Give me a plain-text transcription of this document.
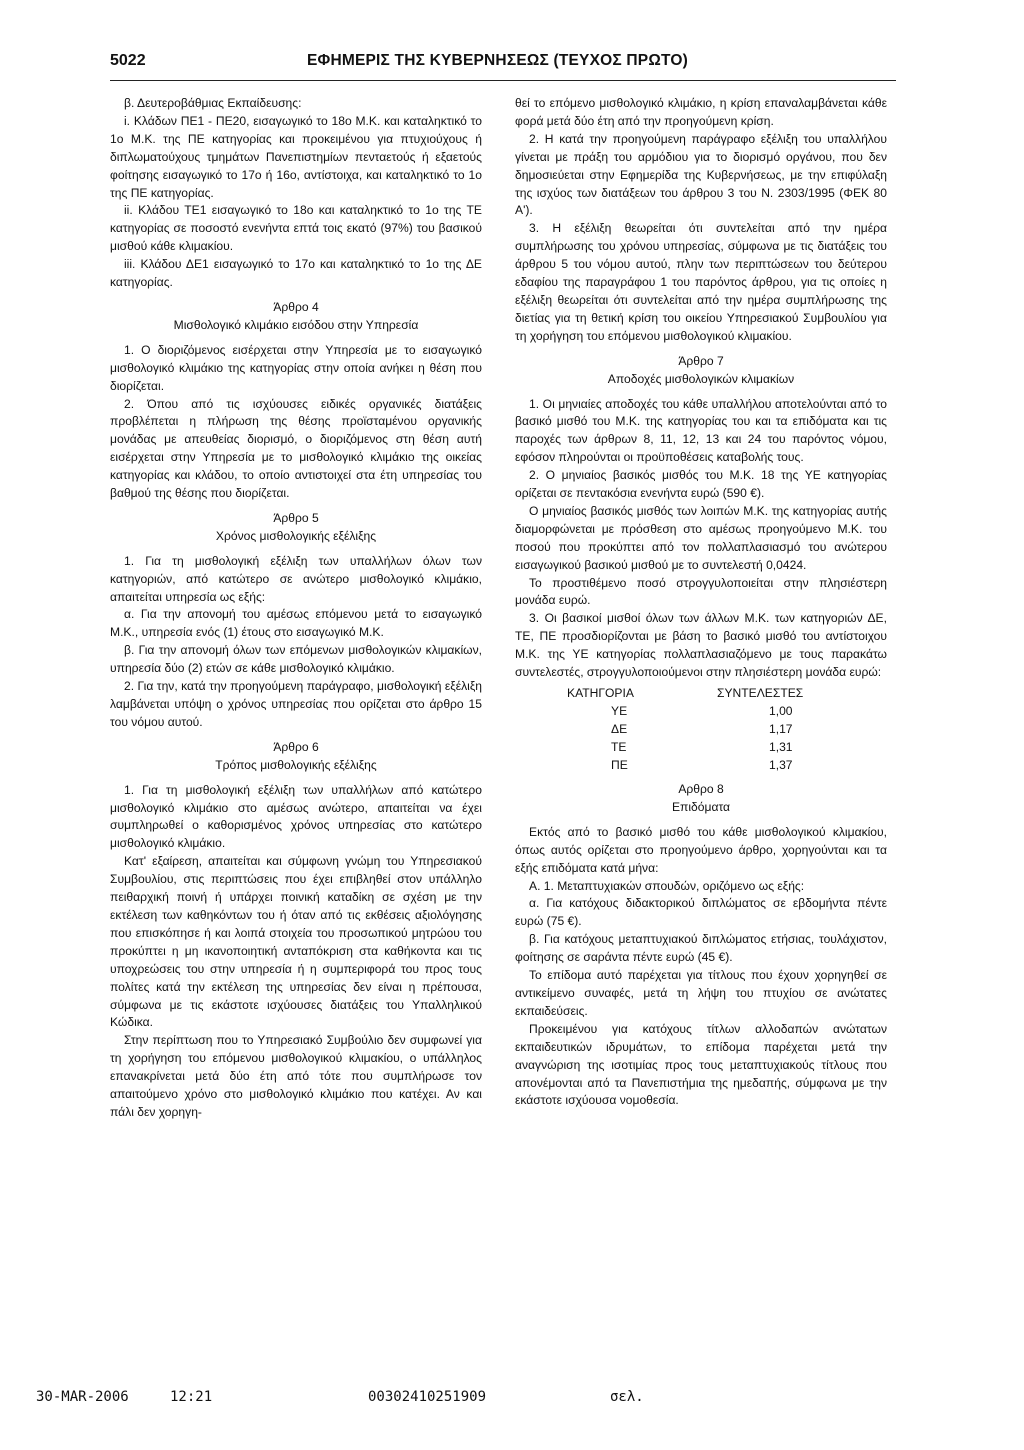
5022	ΕΦΗΜΕΡΙΣ ΤΗΣ ΚΥΒΕΡΝΗΣΕΩΣ (ΤΕΥΧΟΣ ΠΡΩΤΟ)

β. Δευτεροβάθμιας Εκπαίδευσης:

i. Κλάδων ΠΕ1 - ΠΕ20, εισαγωγικό το 18ο Μ.Κ. και καταληκτικό το 1ο Μ.Κ. της ΠΕ κατηγορίας και προκειμένου για πτυχιούχους ή διπλωματούχους τμημάτων Πανεπιστημίων πενταετούς ή εξαετούς φοίτησης εισαγωγικό το 17ο ή 16ο, αντίστοιχα, και καταληκτικό το 1ο της ΠΕ κατηγορίας.

ii. Κλάδου ΤΕ1 εισαγωγικό το 18ο και καταληκτικό το 1ο της ΤΕ κατηγορίας σε ποσοστό ενενήντα επτά τοις εκατό (97%) του βασικού μισθού κάθε κλιμακίου.

iii. Κλάδου ΔΕ1 εισαγωγικό το 17ο και καταληκτικό το 1ο της ΔΕ κατηγορίας.

Άρθρο 4

Μισθολογικό κλιμάκιο εισόδου στην Υπηρεσία

1. Ο διοριζόμενος εισέρχεται στην Υπηρεσία με το εισαγωγικό μισθολογικό κλιμάκιο της κατηγορίας στην οποία ανήκει η θέση που διορίζεται.

2. Όπου από τις ισχύουσες ειδικές οργανικές διατάξεις προβλέπεται η πλήρωση της θέσης προϊσταμένου οργανικής μονάδας με απευθείας διορισμό, ο διοριζόμενος στη θέση αυτή εισέρχεται στην Υπηρεσία με το μισθολογικό κλιμάκιο της οικείας κατηγορίας και κλάδου, το οποίο αντιστοιχεί στα έτη υπηρεσίας του βαθμού της θέσης που διορίζεται.

Άρθρο 5

Χρόνος μισθολογικής εξέλιξης

1. Για τη μισθολογική εξέλιξη των υπαλλήλων όλων των κατηγοριών, από κατώτερο σε ανώτερο μισθολογικό κλιμάκιο, απαιτείται υπηρεσία ως εξής:

α. Για την απονομή του αμέσως επόμενου μετά το εισαγωγικό Μ.Κ., υπηρεσία ενός (1) έτους στο εισαγωγικό Μ.Κ.

β. Για την απονομή όλων των επόμενων μισθολογικών κλιμακίων, υπηρεσία δύο (2) ετών σε κάθε μισθολογικό κλιμάκιο.

2. Για την, κατά την προηγούμενη παράγραφο, μισθολογική εξέλιξη λαμβάνεται υπόψη ο χρόνος υπηρεσίας που ορίζεται στο άρθρο 15 του νόμου αυτού.

Άρθρο 6

Τρόπος μισθολογικής εξέλιξης

1. Για τη μισθολογική εξέλιξη των υπαλλήλων από κατώτερο μισθολογικό κλιμάκιο στο αμέσως ανώτερο, απαιτείται να έχει συμπληρωθεί ο καθορισμένος χρόνος υπηρεσίας στο κατώτερο μισθολογικό κλιμάκιο.

Κατ' εξαίρεση, απαιτείται και σύμφωνη γνώμη του Υπηρεσιακού Συμβουλίου, στις περιπτώσεις που έχει επιβληθεί στον υπάλληλο πειθαρχική ποινή ή υπάρχει ποινική καταδίκη σε σχέση με την εκτέλεση των καθηκόντων του ή όταν από τις εκθέσεις αξιολόγησης που επισκόπησε ή και λοιπά στοιχεία του προσωπικού μητρώου του προκύπτει η μη ικανοποιητική ανταπόκριση στα καθήκοντα και τις υποχρεώσεις του στην υπηρεσία ή η συμπεριφορά του προς τους πολίτες κατά την εκτέλεση της υπηρεσίας δεν είναι η πρέπουσα, σύμφωνα με τις εκάστοτε ισχύουσες διατάξεις του Υπαλληλικού Κώδικα.

Στην περίπτωση που το Υπηρεσιακό Συμβούλιο δεν συμφωνεί για τη χορήγηση του επόμενου μισθολογικού κλιμακίου, ο υπάλληλος επανακρίνεται μετά δύο έτη από τότε που συμπλήρωσε τον απαιτούμενο χρόνο στο μισθολογικό κλιμάκιο που κατέχει. Αν και πάλι δεν χορηγη-

θεί το επόμενο μισθολογικό κλιμάκιο, η κρίση επαναλαμβάνεται κάθε φορά μετά δύο έτη από την προηγούμενη κρίση.

2. Η κατά την προηγούμενη παράγραφο εξέλιξη του υπαλλήλου γίνεται με πράξη του αρμόδιου για το διορισμό οργάνου, που δεν δημοσιεύεται στην Εφημερίδα της Κυβερνήσεως, με την επιφύλαξη της ισχύος των διατάξεων του άρθρου 3 του Ν. 2303/1995 (ΦΕΚ 80 Α').

3. Η εξέλιξη θεωρείται ότι συντελείται από την ημέρα συμπλήρωσης του χρόνου υπηρεσίας, σύμφωνα με τις διατάξεις του άρθρου 5 του νόμου αυτού, πλην των περιπτώσεων του δεύτερου εδαφίου της παραγράφου 1 του παρόντος άρθρου, για τις οποίες η εξέλιξη θεωρείται ότι συντελείται από την ημέρα συμπλήρωσης της διετίας για τη θετική κρίση του οικείου Υπηρεσιακού Συμβουλίου για τη χορήγηση του επόμενου μισθολογικού κλιμακίου.

Άρθρο 7

Αποδοχές μισθολογικών κλιμακίων

1. Οι μηνιαίες αποδοχές του κάθε υπαλλήλου αποτελούνται από το βασικό μισθό του Μ.Κ. της κατηγορίας του και τα επιδόματα και τις παροχές των άρθρων 8, 11, 12, 13 και 24 του παρόντος νόμου, εφόσον πληρούνται οι προϋποθέσεις καταβολής τους.

2. Ο μηνιαίος βασικός μισθός του Μ.Κ. 18 της ΥΕ κατηγορίας ορίζεται σε πεντακόσια ενενήντα ευρώ (590 €).

Ο μηνιαίος βασικός μισθός των λοιπών Μ.Κ. της κατηγορίας αυτής διαμορφώνεται με πρόσθεση στο αμέσως προηγούμενο Μ.Κ. του ποσού που προκύπτει από τον πολλαπλασιασμό του ανώτερου εισαγωγικού βασικού μισθού με το συντελεστή 0,0424.

Το προστιθέμενο ποσό στρογγυλοποιείται στην πλησιέστερη μονάδα ευρώ.

3. Οι βασικοί μισθοί όλων των άλλων Μ.Κ. των κατηγοριών ΔΕ, ΤΕ, ΠΕ προσδιορίζονται με βάση το βασικό μισθό του αντίστοιχου Μ.Κ. της ΥΕ κατηγορίας πολλαπλασιαζόμενο με τους παρακάτω συντελεστές, στρογγυλοποιούμενοι στην πλησιέστερη μονάδα ευρώ:

ΚΑΤΗΓΟΡΙΑ	ΣΥΝΤΕΛΕΣΤΕΣ
ΥΕ	1,00
ΔΕ	1,17
ΤΕ	1,31
ΠΕ	1,37

Αρθρο 8

Επιδόματα

Εκτός από το βασικό μισθό του κάθε μισθολογικού κλιμακίου, όπως αυτός ορίζεται στο προηγούμενο άρθρο, χορηγούνται και τα εξής επιδόματα κατά μήνα:

Α. 1. Μεταπτυχιακών σπουδών, οριζόμενο ως εξής:

α. Για κατόχους διδακτορικού διπλώματος σε εβδομήντα πέντε ευρώ (75 €).

β. Για κατόχους μεταπτυχιακού διπλώματος ετήσιας, τουλάχιστον, φοίτησης σε σαράντα πέντε ευρώ (45 €).

Το επίδομα αυτό παρέχεται για τίτλους που έχουν χορηγηθεί σε αντικείμενο συναφές, μετά τη λήψη του πτυχίου σε ανώτατες εκπαιδεύσεις.

Προκειμένου για κατόχους τίτλων αλλοδαπών ανώτατων εκπαιδευτικών ιδρυμάτων, το επίδομα παρέχεται μετά την αναγνώριση της ισοτιμίας προς τους μεταπτυχιακούς τίτλους που απονέμονται από τα Πανεπιστήμια της ημεδαπής, σύμφωνα με την εκάστοτε ισχύουσα νομοθεσία.

30-MAR-2006	12:21	00302410251909	σελ.
